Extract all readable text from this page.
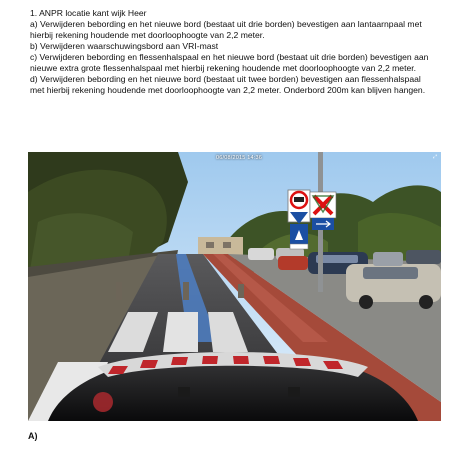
1. ANPR locatie kant wijk Heer
a) Verwijderen bebording en het nieuwe bord (bestaat uit drie borden) bevestigen aan lantaarnpaal met
hierbij rekening houdende met doorloophoogte van 2,2 meter.
b) Verwijderen waarschuwingsbord aan VRI-mast
c) Verwijderen bebording en flessenhalspaal en het nieuwe bord (bestaat uit drie borden) bevestigen aan
nieuwe extra grote flessenhalspaal met hierbij rekening houdende met doorloophoogte van 2,2 meter.
d) Verwijderen bebording en het nieuwe bord (bestaat uit twee borden) bevestigen aan flessenhalspaal
met hierbij rekening houdende met doorloophoogte van 2,2 meter. Onderbord 200m kan blijven hangen.
06/08/2015 14:36	⤢
A)
